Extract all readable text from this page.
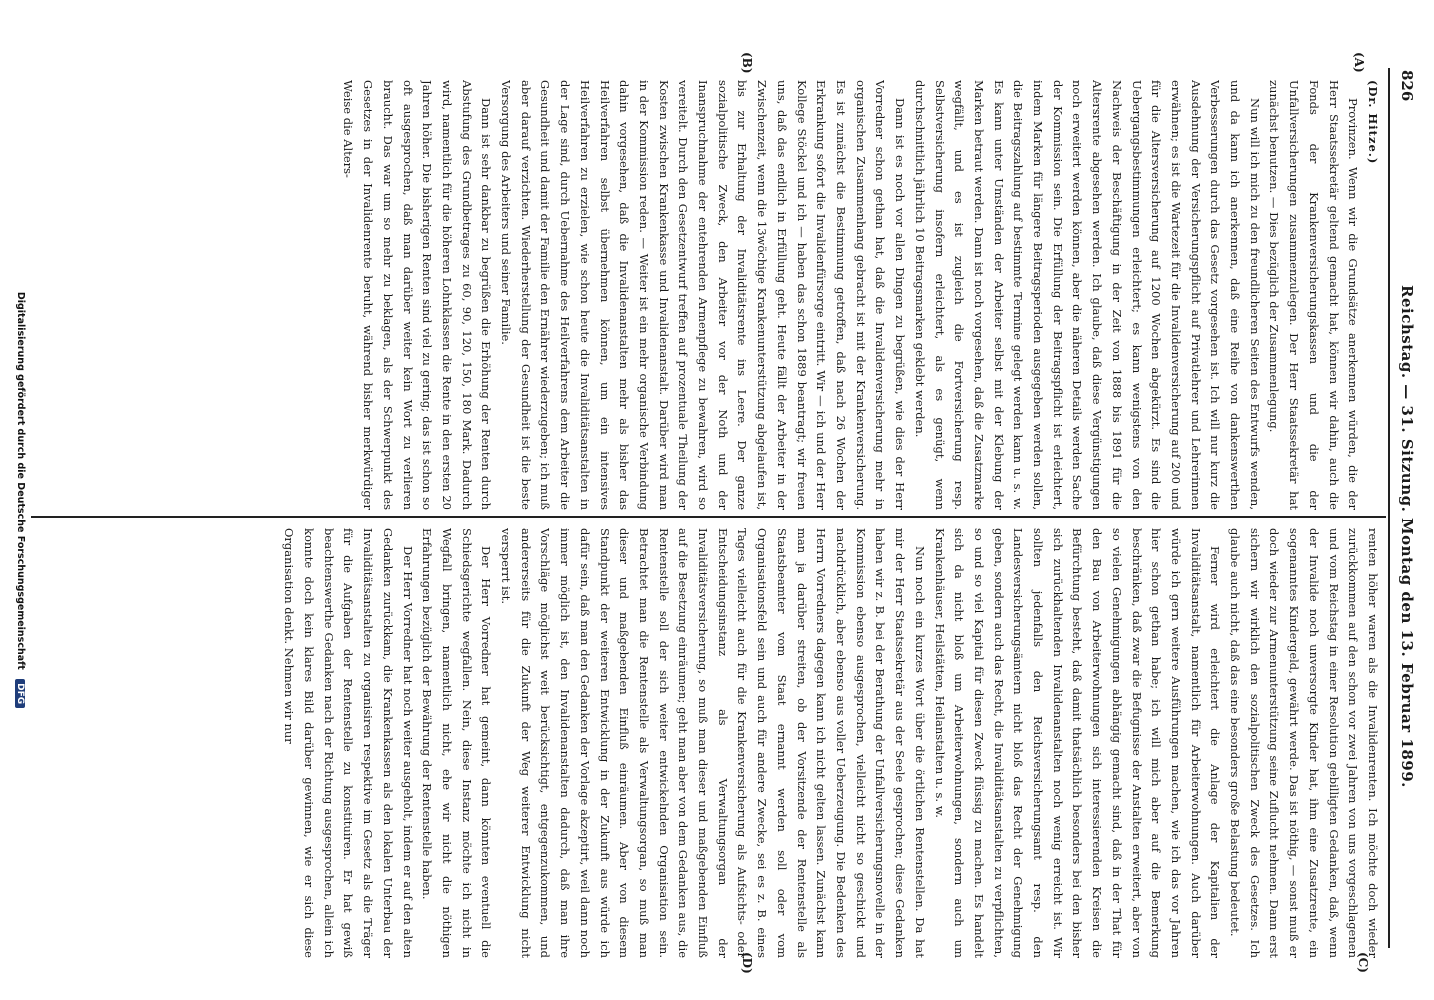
826
Reichstag. — 31. Sitzung. Montag den 13. Februar 1899.
(A)
(B)
(C)
(D)

(Dr. Hitze.)

Provinzen. Wenn wir die Grundsätze anerkennen würden, die der Herr Staatssekretär geltend gemacht hat, können wir dahin, auch die Fonds der Krankenversicherungskassen und die der Unfallversicherungen zusammenzulegen. Der Herr Staatssekretär hat zunächst benutzen. — Dies bezüglich der Zusammenlegung.

Nun will ich mich zu den freundlicheren Seiten des Entwurfs wenden, und da kann ich anerkennen, daß eine Reihe von dankenswerthen Verbesserungen durch das Gesetz vorgesehen ist. Ich will nur kurz die Ausdehnung der Versicherungspflicht auf Privatlehrer und Lehrerinnen erwähnen; es ist die Wartezeit für die Invalidenversicherung auf 200 und für die Altersversicherung auf 1200 Wochen abgekürzt. Es sind die Uebergangsbestimmungen erleichtert; es kann wenigstens von den Nachweis der Beschäftigung in der Zeit von 1888 bis 1891 für die Altersrente abgesehen werden. Ich glaube, daß diese Vergünstigungen noch erweitert werden können, aber die näheren Details werden Sache der Kommission sein. Die Erfüllung der Beitragspflicht ist erleichtert, indem Marken für längere Beitragsperioden ausgegeben werden sollen, die Beitragszahlung auf bestimmte Termine gelegt werden kann u. s. w. Es kann unter Umständen der Arbeiter selbst mit der Klebung der Marken betraut werden. Dann ist noch vorgesehen, daß die Zusatzmarke wegfällt, und es ist zugleich die Fortversicherung resp. Selbstversicherung insofern erleichtert, als es genügt, wenn durchschnittlich jährlich 10 Beitragsmarken geklebt werden.

Dann ist es noch vor allen Dingen zu begrüßen, wie dies der Herr Vorredner schon gethan hat, daß die Invalidenversicherung mehr in organischen Zusammenhang gebracht ist mit der Krankenversicherung. Es ist zunächst die Bestimmung getroffen, daß nach 26 Wochen der Erkrankung sofort die Invalidenfürsorge eintritt. Wir — ich und der Herr Kollege Stöckel und ich — haben das schon 1889 beantragt; wir freuen uns, daß das endlich in Erfüllung geht. Heute fällt der Arbeiter in der Zwischenzeit, wenn die 13wöchige Krankenunterstützung abgelaufen ist, bis zur Erhaltung der Invaliditätsrente ins Leere. Der ganze sozialpolitische Zweck, den Arbeiter vor der Noth und der Inanspruchnahme der entehrenden Armenpflege zu bewahren, wird so vereitelt. Durch den Gesetzentwurf treffen auf prozentuale Theilung der Kosten zwischen Krankenkasse und Invalidenanstalt. Darüber wird man in der Kommission reden. — Weiter ist ein mehr organische Verbindung dahin vorgesehen, daß die Invalidenanstalten mehr als bisher das Heilverfahren selbst übernehmen können, um ein intensives Heilverfahren zu erzielen, wie schon heute die Invaliditätsanstalten in der Lage sind, durch Uebernahme des Heilverfahrens dem Arbeiter die Gesundheit und damit der Familie den Ernährer wiederzugeben; ich muß aber darauf verzichten. Wiederherstellung der Gesundheit ist die beste Versorgung des Arbeiters und seiner Familie.

Dann ist sehr dankbar zu begrüßen die Erhöhung der Renten durch Abstufung des Grundbetrages zu 60, 90, 120, 150, 180 Mark. Dadurch wird, namentlich für die höheren Lohnklassen die Rente in den ersten 20 Jahren höher. Die bisherigen Renten sind viel zu gering; das ist schon so oft ausgesprochen, daß man darüber weiter kein Wort zu verlieren braucht. Das war um so mehr zu beklagen, als der Schwerpunkt des Gesetzes in der Invalidenrente beruht, während bisher merkwürdiger Weise die Alters-

renten höher waren als die Invalidenrenten. Ich möchte doch wieder zurückkommen auf den schon vor zwei Jahren von uns vorgeschlagenen und vom Reichstag in einer Resolution gebilligten Gedanken, daß, wenn der Invalide noch unversorgte Kinder hat, ihm eine Zusatzrente, ein sogenanntes Kindergeld, gewährt werde. Das ist nöthig, — sonst muß er doch wieder zur Armenunterstützung seine Zuflucht nehmen. Dann erst sichern wir wirklich den sozialpolitischen Zweck des Gesetzes. Ich glaube auch nicht, daß das eine besonders große Belastung bedeutet.

Ferner wird erleichtert die Anlage der Kapitalien der Invaliditätsanstalt, namentlich für Arbeiterwohnungen. Auch darüber würde ich gern weitere Ausführungen machen, wie ich das vor Jahren hier schon gethan habe; ich will mich aber auf die Bemerkung beschränken, daß zwar die Befugnisse der Anstalten erweitert, aber von so vielen Genehmigungen abhängig gemacht sind, daß in der That für den Bau von Arbeiterwohnungen sich interessierenden Kreisen die Befürchtung besteht, daß damit thatsächlich besonders bei den bisher sich zurückhaltenden Invalidenanstalten noch wenig erreicht ist. Wir sollten jedenfalls den Reichsversicherungsamt resp. den Landesversicherungsämtern nicht bloß das Recht der Genehmigung geben, sondern auch das Recht, die Invaliditätsanstalten zu verpflichten, so und so viel Kapital für diesen Zweck flüssig zu machen. Es handelt sich da nicht bloß um Arbeiterwohnungen, sondern auch um Krankenhäuser, Heilstätten, Heilanstalten u. s. w.

Nun noch ein kurzes Wort über die örtlichen Rentenstellen. Da hat mir der Herr Staatssekretär aus der Seele gesprochen; diese Gedanken haben wir z. B. bei der Berathung der Unfallversicherungsnovelle in der Kommission ebenso ausgesprochen, vielleicht nicht so geschickt und nachdrücklich, aber ebenso aus voller Ueberzeugung. Die Bedenken des Herrn Vorredners dagegen kann ich nicht gelten lassen. Zunächst kann man ja darüber streiten, ob der Vorsitzende der Rentenstelle als Staatsbeamter vom Staat ernannt werden soll oder vom Organisationsfeld sein und auch für andere Zwecke, sei es z. B. eines Tages vielleicht auch für die Krankenversicherung als Aufsichts- oder Entscheidungsinstanz als Verwaltungsorgan der Invaliditätsversicherung, so muß man dieser und maßgebenden Einfluß auf die Besetzung einräumen; geht man aber von dem Gedanken aus, die Rentenstelle soll der sich weiter entwickelnden Organisation sein. Betrachtet man die Rentenstelle als Verwaltungsorgan, so muß man dieser und maßgebenden Einfluß einräumen. Aber von diesem Standpunkt der weiteren Entwicklung in der Zukunft aus würde ich dafür sein, daß man den Gedanken der Vorlage akzeptirt, weil dann noch immer möglich ist, den Invalidenanstalten dadurch, daß man ihre Vorschläge möglichst weit berücksichtigt, entgegenzukommen, und andererseits für die Zukunft der Weg weiterer Entwicklung nicht versperrt ist.

Der Herr Vorredner hat gemeint, dann könnten eventuell die Schiedsgerichte wegfallen. Nein, diese Instanz möchte ich nicht in Wegfall bringen, namentlich nicht, ehe wir nicht die nöthigen Erfahrungen bezüglich der Bewährung der Rentenstelle haben.

Der Herr Vorredner hat noch weiter ausgeholt, indem er auf den alten Gedanken zurückkam, die Krankenkassen als den lokalen Unterbau der Invaliditätsanstalten zu organisiren respektive im Gesetz als die Träger für die Aufgaben der Rentenstelle zu konstituiren. Er hat gewiß beachtenswerthe Gedanken nach der Richtung ausgesprochen, allein ich konnte doch kein klares Bild darüber gewinnen, wie er sich diese Organisation denkt. Nehmen wir nur

Digitalisierung gefördert durch die Deutsche Forschungsgemeinschaft DFG
